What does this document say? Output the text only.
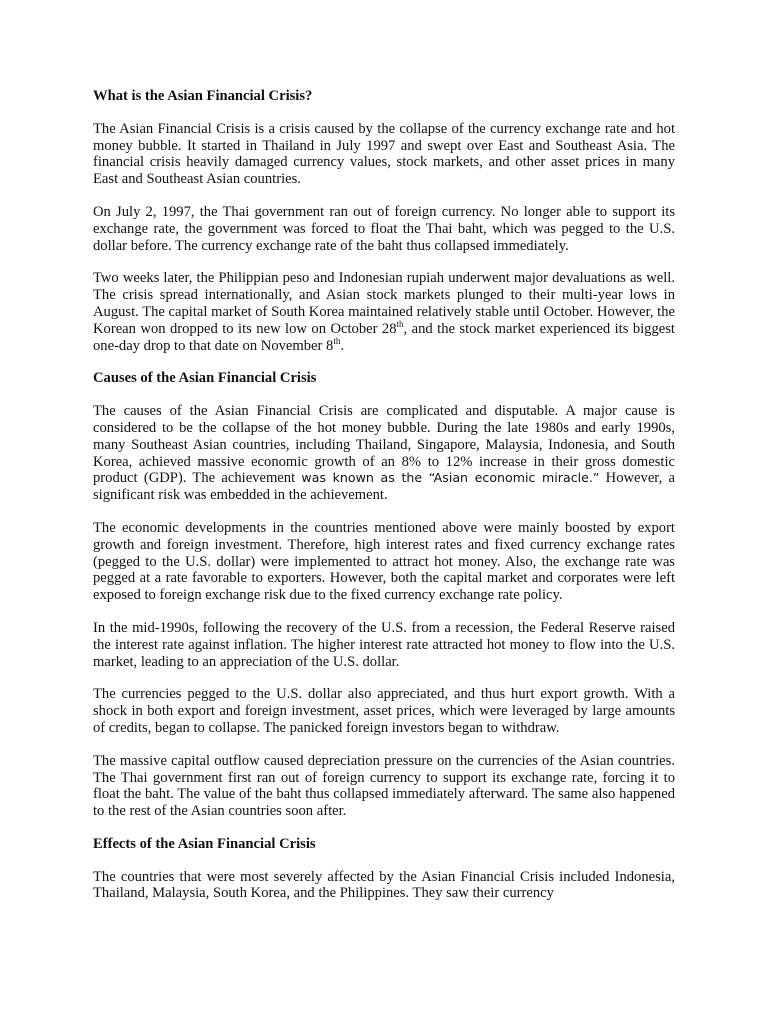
What is the Asian Financial Crisis?

The Asian Financial Crisis is a crisis caused by the collapse of the currency exchange rate and hot money bubble. It started in Thailand in July 1997 and swept over East and Southeast Asia. The financial crisis heavily damaged currency values, stock markets, and other asset prices in many East and Southeast Asian countries.

On July 2, 1997, the Thai government ran out of foreign currency. No longer able to support its exchange rate, the government was forced to float the Thai baht, which was pegged to the U.S. dollar before. The currency exchange rate of the baht thus collapsed immediately.

Two weeks later, the Philippian peso and Indonesian rupiah underwent major devaluations as well. The crisis spread internationally, and Asian stock markets plunged to their multi-year lows in August. The capital market of South Korea maintained relatively stable until October. However, the Korean won dropped to its new low on October 28th, and the stock market experienced its biggest one-day drop to that date on November 8th.

Causes of the Asian Financial Crisis

The causes of the Asian Financial Crisis are complicated and disputable. A major cause is considered to be the collapse of the hot money bubble. During the late 1980s and early 1990s, many Southeast Asian countries, including Thailand, Singapore, Malaysia, Indonesia, and South Korea, achieved massive economic growth of an 8% to 12% increase in their gross domestic product (GDP). The achievement was known as the “Asian economic miracle.” However, a significant risk was embedded in the achievement.

The economic developments in the countries mentioned above were mainly boosted by export growth and foreign investment. Therefore, high interest rates and fixed currency exchange rates (pegged to the U.S. dollar) were implemented to attract hot money. Also, the exchange rate was pegged at a rate favorable to exporters. However, both the capital market and corporates were left exposed to foreign exchange risk due to the fixed currency exchange rate policy.

In the mid-1990s, following the recovery of the U.S. from a recession, the Federal Reserve raised the interest rate against inflation. The higher interest rate attracted hot money to flow into the U.S. market, leading to an appreciation of the U.S. dollar.

The currencies pegged to the U.S. dollar also appreciated, and thus hurt export growth. With a shock in both export and foreign investment, asset prices, which were leveraged by large amounts of credits, began to collapse. The panicked foreign investors began to withdraw.

The massive capital outflow caused depreciation pressure on the currencies of the Asian countries. The Thai government first ran out of foreign currency to support its exchange rate, forcing it to float the baht. The value of the baht thus collapsed immediately afterward. The same also happened to the rest of the Asian countries soon after.

Effects of the Asian Financial Crisis

The countries that were most severely affected by the Asian Financial Crisis included Indonesia, Thailand, Malaysia, South Korea, and the Philippines. They saw their currency
